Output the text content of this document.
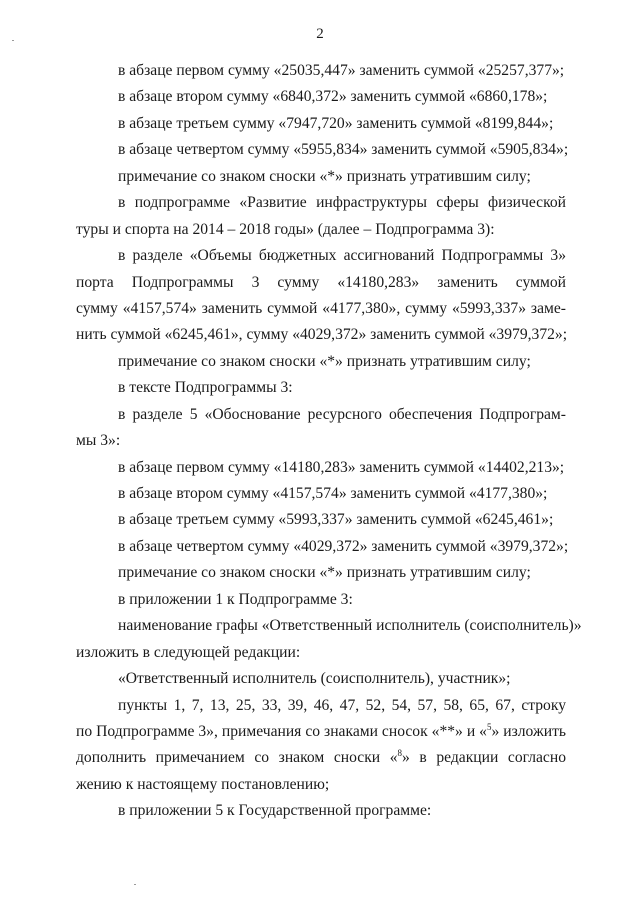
2
в абзаце первом сумму «25035,447» заменить суммой «25257,377»;
в абзаце втором сумму «6840,372» заменить суммой «6860,178»;
в абзаце третьем сумму «7947,720» заменить суммой «8199,844»;
в абзаце четвертом сумму «5955,834» заменить суммой «5905,834»;
примечание со знаком сноски «*» признать утратившим силу;
в подпрограмме «Развитие инфраструктуры сферы физической
туры и спорта на 2014 – 2018 годы» (далее – Подпрограмма 3):
в разделе «Объемы бюджетных ассигнований Подпрограммы 3»
порта Подпрограммы 3 сумму «14180,283» заменить суммой
сумму «4157,574» заменить суммой «4177,380», сумму «5993,337» заме-
нить суммой «6245,461», сумму «4029,372» заменить суммой «3979,372»;
примечание со знаком сноски «*» признать утратившим силу;
в тексте Подпрограммы 3:
в разделе 5 «Обоснование ресурсного обеспечения Подпрограм-
мы 3»:
в абзаце первом сумму «14180,283» заменить суммой «14402,213»;
в абзаце втором сумму «4157,574» заменить суммой «4177,380»;
в абзаце третьем сумму «5993,337» заменить суммой «6245,461»;
в абзаце четвертом сумму «4029,372» заменить суммой «3979,372»;
примечание со знаком сноски «*» признать утратившим силу;
в приложении 1 к Подпрограмме 3:
наименование графы «Ответственный исполнитель (соисполнитель)»
изложить в следующей редакции:
«Ответственный исполнитель (соисполнитель), участник»;
пункты 1, 7, 13, 25, 33, 39, 46, 47, 52, 54, 57, 58, 65, 67, строку
по Подпрограмме 3», примечания со знаками сносок «**» и «$^5$» изложить
дополнить примечанием со знаком сноски «$^8$» в редакции согласно
жению к настоящему постановлению;
в приложении 5 к Государственной программе:
